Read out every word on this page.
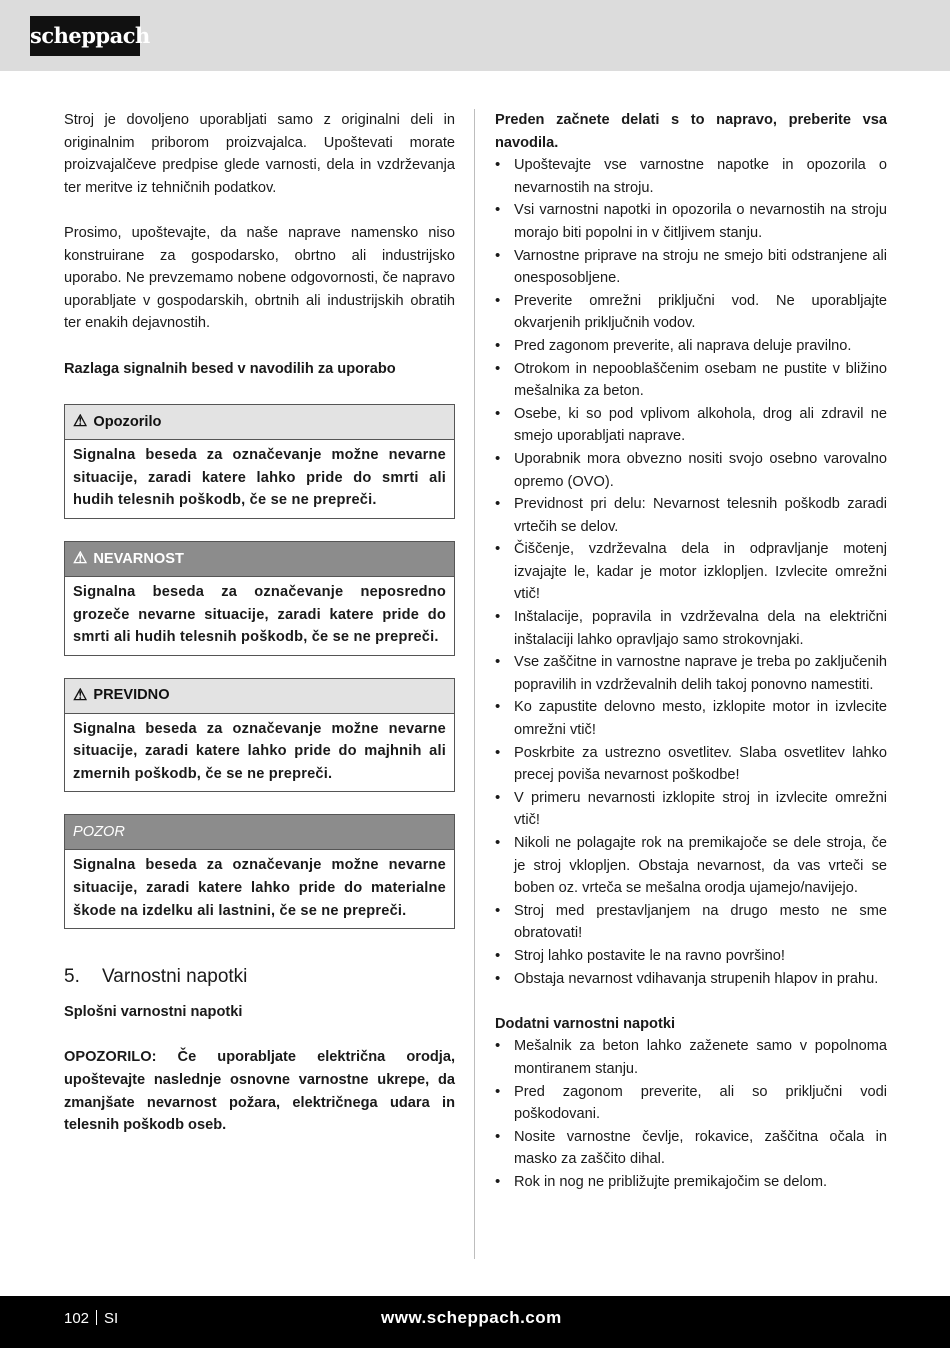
scheppach

Stroj je dovoljeno uporabljati samo z originalni deli in originalnim priborom proizvajalca. Upoštevati morate proizvajalčeve predpise glede varnosti, dela in vzdrževanja ter meritve iz tehničnih podatkov.

Prosimo, upoštevajte, da naše naprave namensko niso konstruirane za gospodarsko, obrtno ali industrijsko uporabo. Ne prevzemamo nobene odgovornosti, če napravo uporabljate v gospodarskih, obrtnih ali industrijskih obratih ter enakih dejavnostih.

Razlaga signalnih besed v navodilih za uporabo

⚠ Opozorilo
Signalna beseda za označevanje možne nevarne situacije, zaradi katere lahko pride do smrti ali hudih telesnih poškodb, če se ne prepreči.
⚠ NEVARNOST
Signalna beseda za označevanje neposredno grozeče nevarne situacije, zaradi katere pride do smrti ali hudih telesnih poškodb, če se ne prepreči.
⚠ PREVIDNO
Signalna beseda za označevanje možne nevarne situacije, zaradi katere lahko pride do majhnih ali zmernih poškodb, če se ne prepreči.
POZOR
Signalna beseda za označevanje možne nevarne situacije, zaradi katere lahko pride do materialne škode na izdelku ali lastnini, če se ne prepreči.
5. Varnostni napotki

Splošni varnostni napotki

OPOZORILO: Če uporabljate električna orodja, upoštevajte naslednje osnovne varnostne ukrepe, da zmanjšate nevarnost požara, električnega udara in telesnih poškodb oseb.

Preden začnete delati s to napravo, preberite vsa navodila.

• Upoštevajte vse varnostne napotke in opozorila o nevarnostih na stroju.
• Vsi varnostni napotki in opozorila o nevarnostih na stroju morajo biti popolni in v čitljivem stanju.
• Varnostne priprave na stroju ne smejo biti odstranjene ali onesposobljene.
• Preverite omrežni priključni vod. Ne uporabljajte okvarjenih priključnih vodov.
• Pred zagonom preverite, ali naprava deluje pravilno.
• Otrokom in nepooblaščenim osebam ne pustite v bližino mešalnika za beton.
• Osebe, ki so pod vplivom alkohola, drog ali zdravil ne smejo uporabljati naprave.
• Uporabnik mora obvezno nositi svojo osebno varovalno opremo (OVO).
• Previdnost pri delu: Nevarnost telesnih poškodb zaradi vrtečih se delov.
• Čiščenje, vzdrževalna dela in odpravljanje motenj izvajajte le, kadar je motor izklopljen. Izvlecite omrežni vtič!
• Inštalacije, popravila in vzdrževalna dela na električni inštalaciji lahko opravljajo samo strokovnjaki.
• Vse zaščitne in varnostne naprave je treba po zaključenih popravilih in vzdrževalnih delih takoj ponovno namestiti.
• Ko zapustite delovno mesto, izklopite motor in izvlecite omrežni vtič!
• Poskrbite za ustrezno osvetlitev. Slaba osvetlitev lahko precej poviša nevarnost poškodbe!
• V primeru nevarnosti izklopite stroj in izvlecite omrežni vtič!
• Nikoli ne polagajte rok na premikajoče se dele stroja, če je stroj vklopljen. Obstaja nevarnost, da vas vrteči se boben oz. vrteča se mešalna orodja ujamejo/navijejo.
• Stroj med prestavljanjem na drugo mesto ne sme obratovati!
• Stroj lahko postavite le na ravno površino!
• Obstaja nevarnost vdihavanja strupenih hlapov in prahu.

Dodatni varnostni napotki

• Mešalnik za beton lahko zaženete samo v popolnoma montiranem stanju.
• Pred zagonom preverite, ali so priključni vodi poškodovani.
• Nosite varnostne čevlje, rokavice, zaščitna očala in masko za zaščito dihal.
• Rok in nog ne približujte premikajočim se delom.
102 SI	www.scheppach.com
